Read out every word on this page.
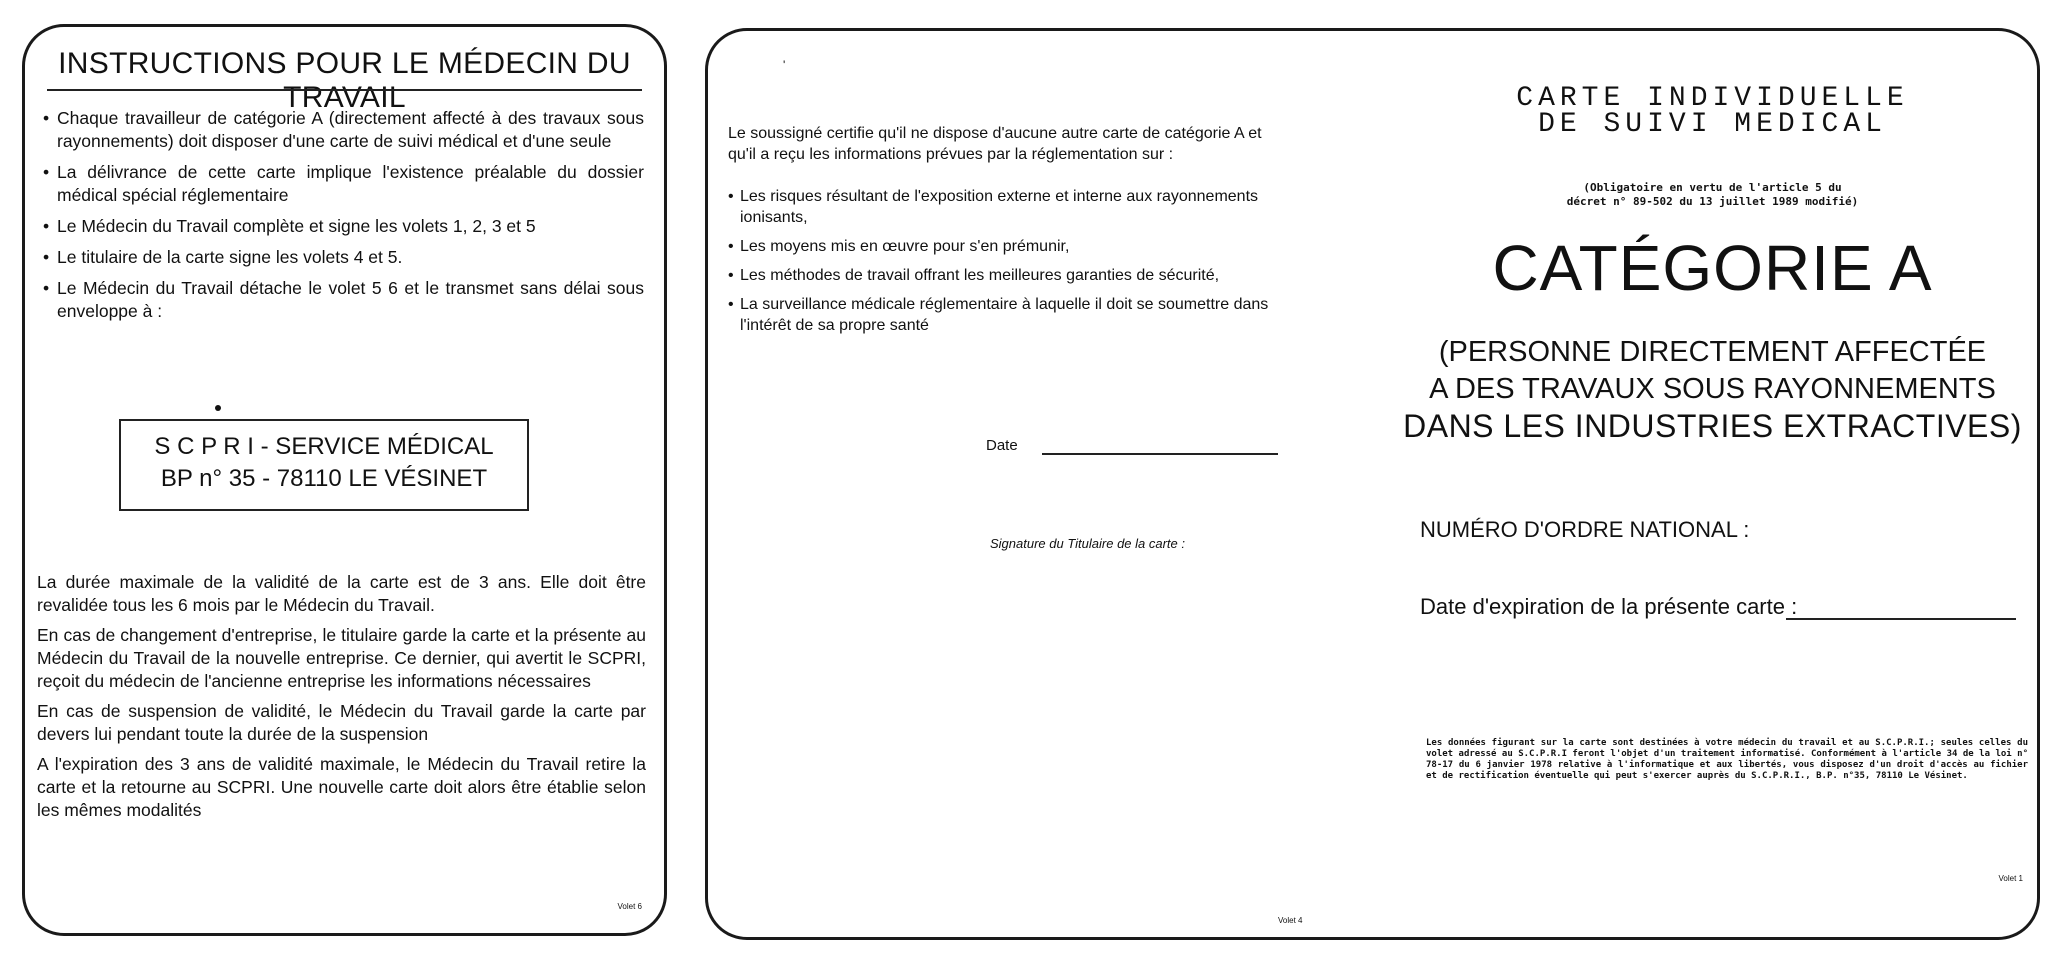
INSTRUCTIONS POUR LE MÉDECIN DU TRAVAIL
• Chaque travailleur de catégorie A (directement affecté à des travaux sous rayonnements) doit disposer d'une carte de suivi médical et d'une seule
• La délivrance de cette carte implique l'existence préalable du dossier médical spécial réglementaire
• Le Médecin du Travail complète et signe les volets 1, 2, 3 et 5
• Le titulaire de la carte signe les volets 4 et 5.
• Le Médecin du Travail détache le volet 5 6 et le transmet sans délai sous enveloppe à :
S C P R I - SERVICE MÉDICAL
BP n° 35 - 78110 LE VÉSINET

La durée maximale de la validité de la carte est de 3 ans. Elle doit être revalidée tous les 6 mois par le Médecin du Travail.

En cas de changement d'entreprise, le titulaire garde la carte et la présente au Médecin du Travail de la nouvelle entreprise. Ce dernier, qui avertit le SCPRI, reçoit du médecin de l'ancienne entreprise les informations nécessaires

En cas de suspension de validité, le Médecin du Travail garde la carte par devers lui pendant toute la durée de la suspension

A l'expiration des 3 ans de validité maximale, le Médecin du Travail retire la carte et la retourne au SCPRI. Une nouvelle carte doit alors être établie selon les mêmes modalités

Volet 6
'
Le soussigné certifie qu'il ne dispose d'aucune autre carte de catégorie A et qu'il a reçu les informations prévues par la réglementation sur :
• Les risques résultant de l'exposition externe et interne aux rayonnements ionisants,
• Les moyens mis en œuvre pour s'en prémunir,
• Les méthodes de travail offrant les meilleures garanties de sécurité,
• La surveillance médicale réglementaire à laquelle il doit se soumettre dans l'intérêt de sa propre santé
Date
Signature du Titulaire de la carte :
Volet 4
CARTE INDIVIDUELLE
DE SUIVI MEDICAL
(Obligatoire en vertu de l'article 5 du
décret n° 89-502 du 13 juillet 1989 modifié)
CATÉGORIE A
(PERSONNE DIRECTEMENT AFFECTÉE
A DES TRAVAUX SOUS RAYONNEMENTS
DANS LES INDUSTRIES EXTRACTIVES)
NUMÉRO D'ORDRE NATIONAL :
Date d'expiration de la présente carte :
Les données figurant sur la carte sont destinées à votre médecin du travail et au S.C.P.R.I.; seules celles du volet adressé au S.C.P.R.I feront l'objet d'un traitement informatisé. Conformément à l'article 34 de la loi n° 78-17 du 6 janvier 1978 relative à l'informatique et aux libertés, vous disposez d'un droit d'accès au fichier et de rectification éventuelle qui peut s'exercer auprès du S.C.P.R.I., B.P. n°35, 78110 Le Vésinet.
Volet 1
